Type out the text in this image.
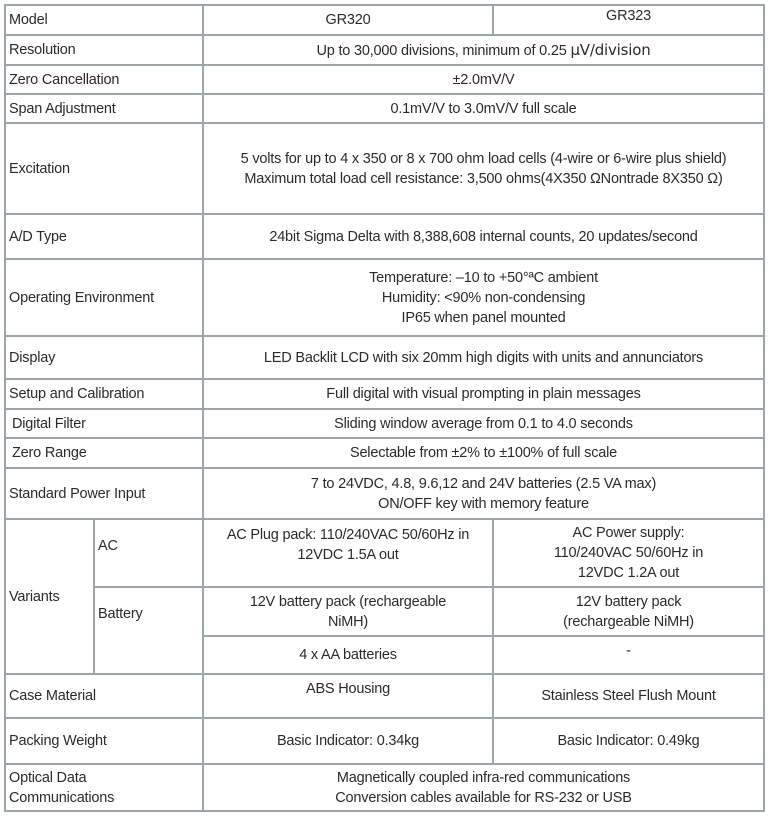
Model		GR320	GR323
Resolution		Up to 30,000 divisions, minimum of 0.25 μV/division	
Zero Cancellation		±2.0mV/V	
Span Adjustment		0.1mV/V to 3.0mV/V full scale	
Excitation		5 volts for up to 4 x 350 or 8 x 700 ohm load cells (4-wire or 6-wire plus shield)
Maximum total load cell resistance: 3,500 ohms(4X350 ΩNontrade 8X350 Ω)	

A/D Type		24bit Sigma Delta with 8,388,608 internal counts, 20 updates/second	
Operating Environment		Temperature: –10 to +50°ªC ambient
Humidity: <90% non-condensing
IP65 when panel mounted	

Display		LED Backlit LCD with six 20mm high digits with units and annunciators	
Setup and Calibration		Full digital with visual prompting in plain messages	
Digital Filter		Sliding window average from 0.1 to 4.0 seconds	
Zero Range		Selectable from ±2% to ±100% of full scale	
Standard Power Input		7 to 24VDC, 4.8, 9.6,12 and 24V batteries (2.5 VA max)
ON/OFF key with memory feature	

Variants	AC	AC Plug pack: 110/240VAC 50/60Hz in 12VDC 1.5A out	AC Power supply:
110/240VAC 50/60Hz in
12VDC 1.2A out

	Battery	12V battery pack (rechargeable NiMH)	12V battery pack (rechargeable NiMH)
		4 x AA batteries	-
Case Material		ABS Housing	Stainless Steel Flush Mount
Packing Weight		Basic Indicator: 0.34kg	Basic Indicator: 0.49kg
Optical Data Communications		Magnetically coupled infra-red communications
Conversion cables available for RS-232 or USB	
